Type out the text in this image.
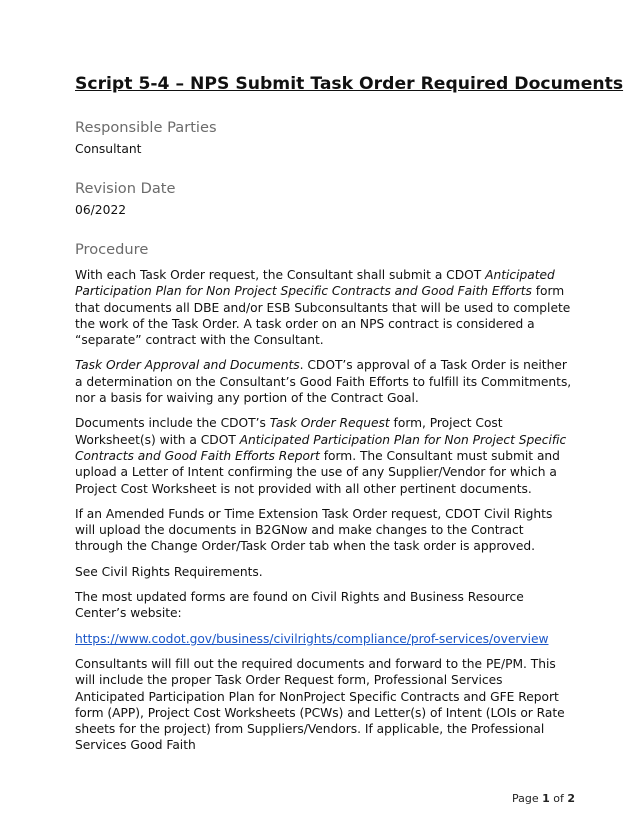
Script 5-4 – NPS Submit Task Order Required Documents
Responsible Parties
Consultant
Revision Date
06/2022
Procedure

With each Task Order request, the Consultant shall submit a CDOT Anticipated Participation Plan for Non Project Specific Contracts and Good Faith Efforts form that documents all DBE and/or ESB Subconsultants that will be used to complete the work of the Task Order. A task order on an NPS contract is considered a “separate” contract with the Consultant.

Task Order Approval and Documents. CDOT’s approval of a Task Order is neither a determination on the Consultant’s Good Faith Efforts to fulfill its Commitments, nor a basis for waiving any portion of the Contract Goal.

Documents include the CDOT’s Task Order Request form, Project Cost Worksheet(s) with a CDOT Anticipated Participation Plan for Non Project Specific Contracts and Good Faith Efforts Report form. The Consultant must submit and upload a Letter of Intent confirming the use of any Supplier/Vendor for which a Project Cost Worksheet is not provided with all other pertinent documents.

If an Amended Funds or Time Extension Task Order request, CDOT Civil Rights will upload the documents in B2GNow and make changes to the Contract through the Change Order/Task Order tab when the task order is approved.

See Civil Rights Requirements.

The most updated forms are found on Civil Rights and Business Resource Center’s website:

https://www.codot.gov/business/civilrights/compliance/prof-services/overview

Consultants will fill out the required documents and forward to the PE/PM. This will include the proper Task Order Request form, Professional Services Anticipated Participation Plan for NonProject Specific Contracts and GFE Report form (APP), Project Cost Worksheets (PCWs) and Letter(s) of Intent (LOIs or Rate sheets for the project) from Suppliers/Vendors. If applicable, the Professional Services Good Faith

Page 1 of 2
